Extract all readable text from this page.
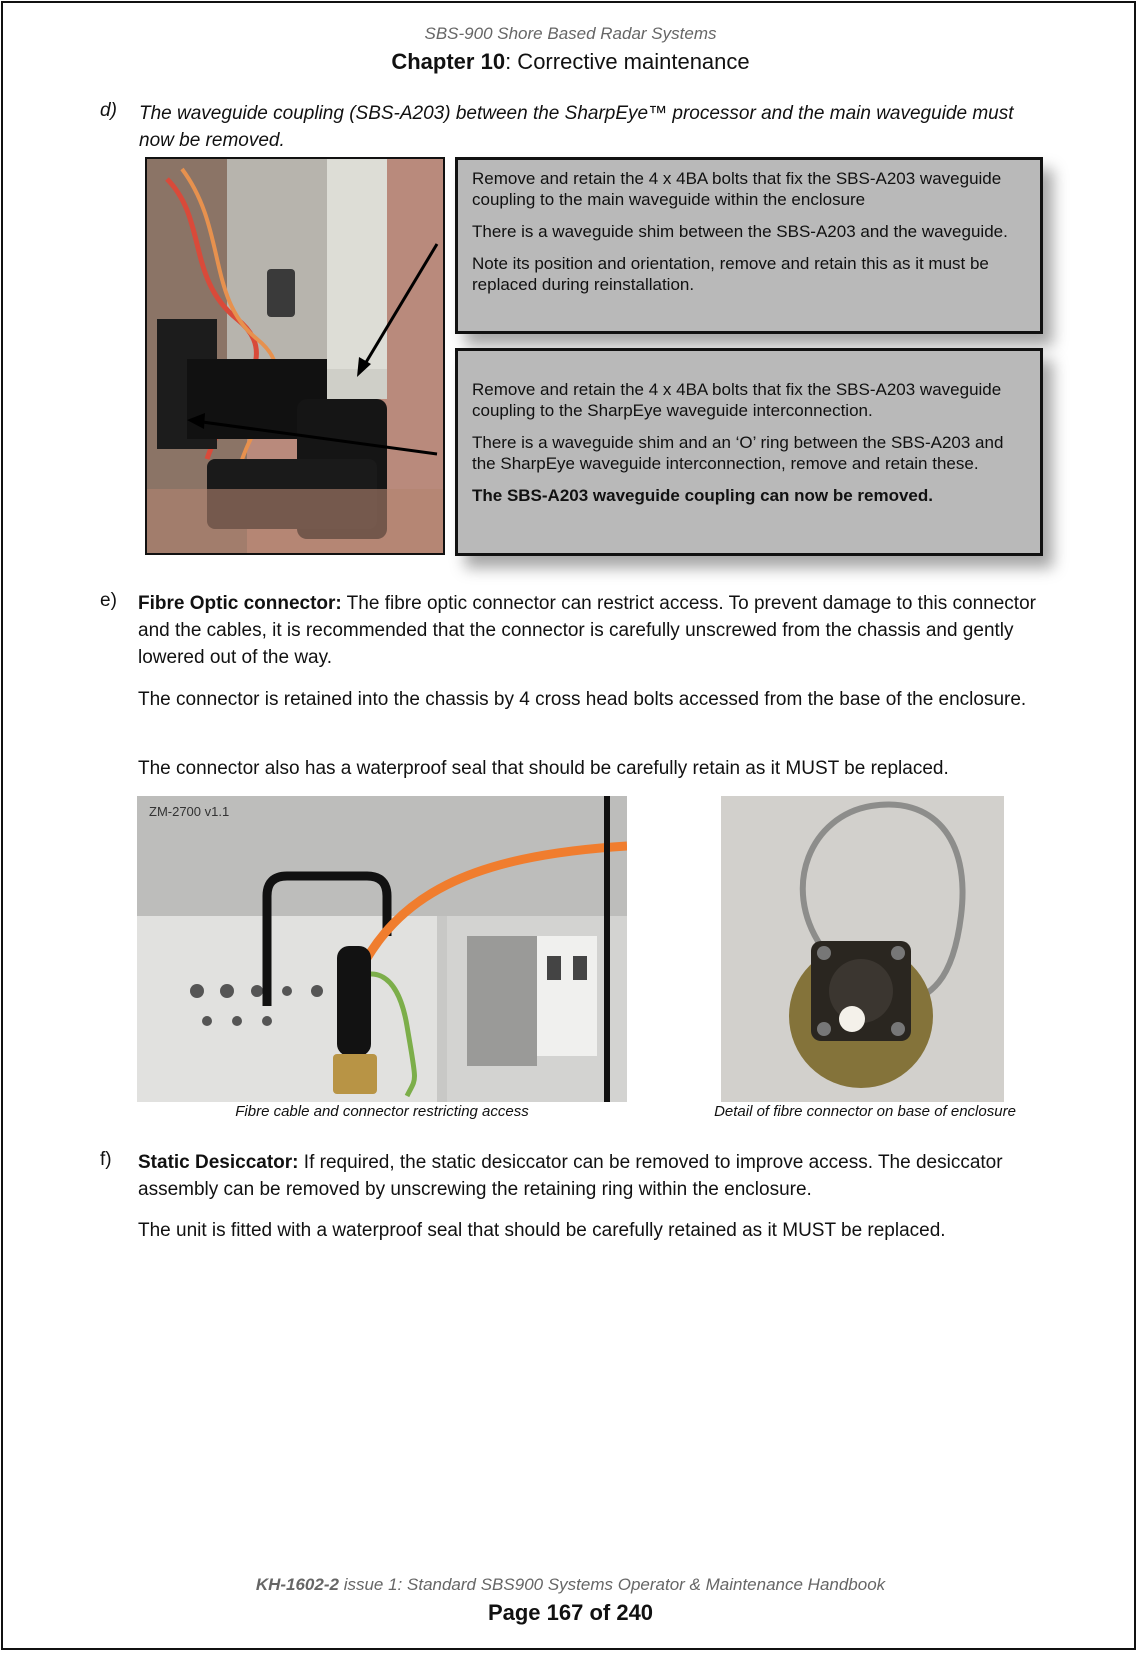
SBS-900 Shore Based Radar Systems
Chapter 10: Corrective maintenance
d) The waveguide coupling (SBS-A203) between the SharpEye™ processor and the main waveguide must now be removed.

Remove and retain the 4 x 4BA bolts that fix the SBS-A203 waveguide coupling to the main waveguide within the enclosure

There is a waveguide shim between the SBS-A203 and the waveguide.

Note its position and orientation, remove and retain this as it must be replaced during reinstallation.

Remove and retain the 4 x 4BA bolts that fix the SBS-A203 waveguide coupling to the SharpEye waveguide interconnection.

There is a waveguide shim and an ‘O’ ring between the SBS-A203 and the SharpEye waveguide interconnection, remove and retain these.

The SBS-A203 waveguide coupling can now be removed.

e) Fibre Optic connector: The fibre optic connector can restrict access. To prevent damage to this connector and the cables, it is recommended that the connector is carefully unscrewed from the chassis and gently lowered out of the way.
The connector is retained into the chassis by 4 cross head bolts accessed from the base of the enclosure.
The connector also has a waterproof seal that should be carefully retain as it MUST be replaced.
ZM-2700 v1.1
Fibre cable and connector restricting access	Detail of fibre connector on base of enclosure
f) Static Desiccator: If required, the static desiccator can be removed to improve access. The desiccator assembly can be removed by unscrewing the retaining ring within the enclosure.
The unit is fitted with a waterproof seal that should be carefully retained as it MUST be replaced.
KH-1602-2 issue 1: Standard SBS900 Systems Operator & Maintenance Handbook
Page 167 of 240
